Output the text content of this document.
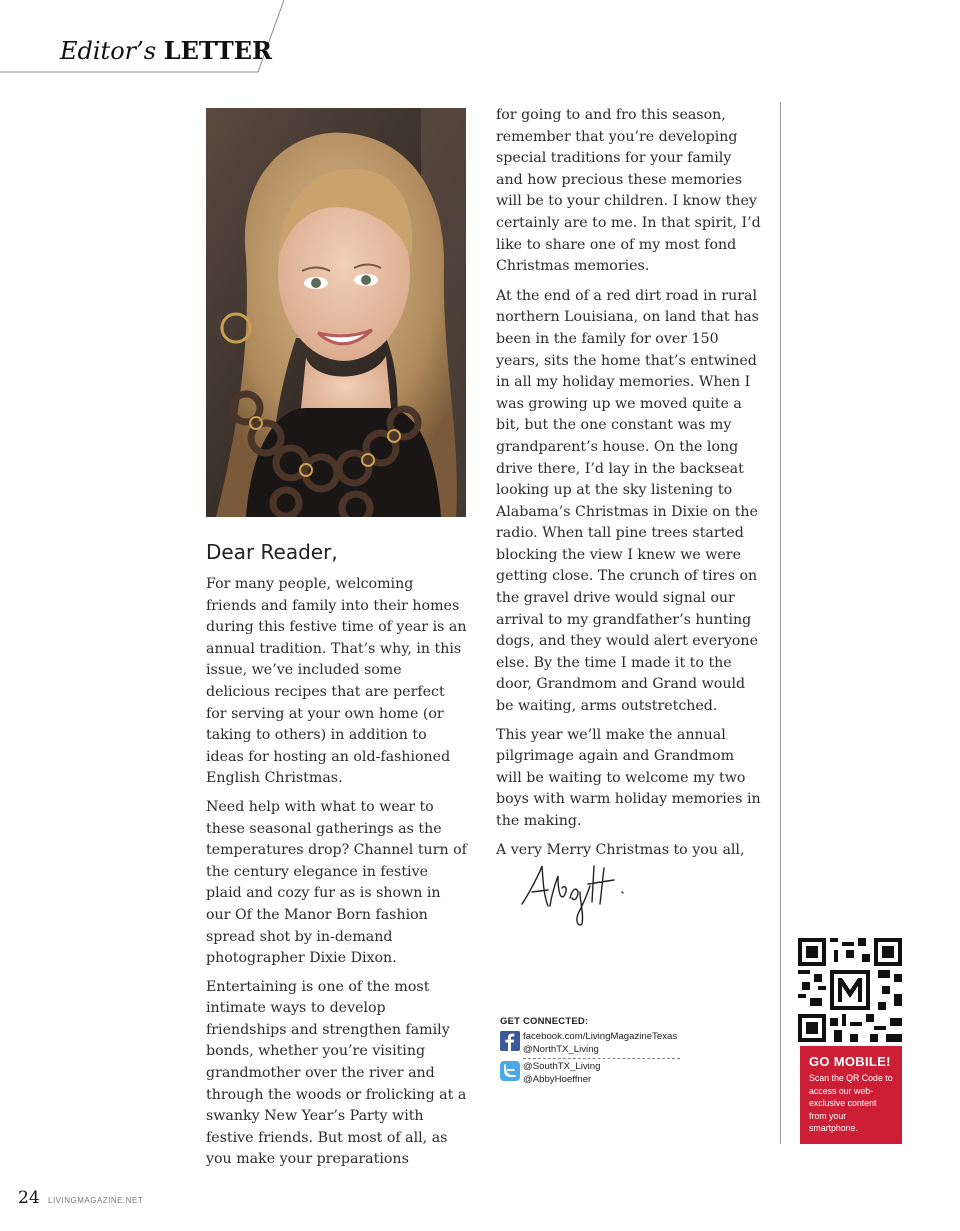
Editor’s LETTER
Dear Reader,

For many people, welcoming friends and family into their homes during this festive time of year is an annual tradition. That’s why, in this issue, we’ve included some delicious recipes that are perfect for serving at your own home (or taking to others) in addition to ideas for hosting an old-fashioned English Christmas.

Need help with what to wear to these seasonal gatherings as the temperatures drop? Channel turn of the century elegance in festive plaid and cozy fur as is shown in our Of the Manor Born fashion spread shot by in-demand photographer Dixie Dixon.

Entertaining is one of the most intimate ways to develop friendships and strengthen family bonds, whether you’re visiting grandmother over the river and through the woods or frolicking at a swanky New Year’s Party with festive friends. But most of all, as you make your preparations

for going to and fro this season, remember that you’re developing special traditions for your family and how precious these memories will be to your children. I know they certainly are to me. In that spirit, I’d like to share one of my most fond Christmas memories.

At the end of a red dirt road in rural northern Louisiana, on land that has been in the family for over 150 years, sits the home that’s entwined in all my holiday memories. When I was growing up we moved quite a bit, but the one constant was my grandparent’s house. On the long drive there, I’d lay in the backseat looking up at the sky listening to Alabama’s Christmas in Dixie on the radio. When tall pine trees started blocking the view I knew we were getting close. The crunch of tires on the gravel drive would signal our arrival to my grandfather’s hunting dogs, and they would alert everyone else. By the time I made it to the door, Grandmom and Grand would be waiting, arms outstretched.

This year we’ll make the annual pilgrimage again and Grandmom will be waiting to welcome my two boys with warm holiday memories in the making.

A very Merry Christmas to you all,

GET CONNECTED:
facebook.com/LivingMagazineTexas
@NorthTX_Living
@SouthTX_Living
@AbbyHoeffner
GO MOBILE!
Scan the QR Code to access our web-exclusive content from your smartphone.
24 LIVINGMAGAZINE.NET
